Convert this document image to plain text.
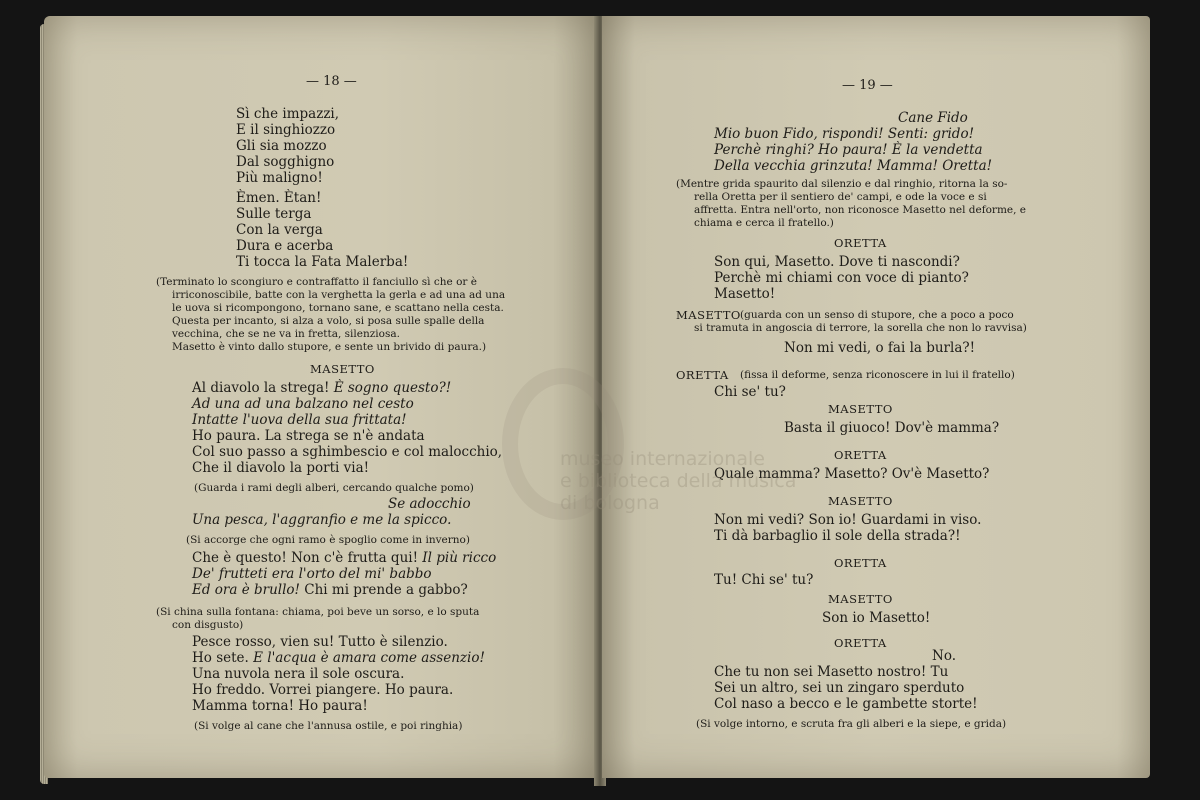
— 18 —
Sì che impazzi,
E il singhiozzo
Gli sia mozzo
Dal sogghigno
Più maligno!
Èmen. Ètan!
Sulle terga
Con la verga
Dura e acerba
Ti tocca la Fata Malerba!
(Terminato lo scongiuro e contraffatto il fanciullo sì che or è
irriconoscibile, batte con la verghetta la gerla e ad una ad una
le uova si ricompongono, tornano sane, e scattano nella cesta.
Questa per incanto, si alza a volo, si posa sulle spalle della
vecchina, che se ne va in fretta, silenziosa.
Masetto è vinto dallo stupore, e sente un brivido di paura.)
MASETTO
Al diavolo la strega! È sogno questo?!
Ad una ad una balzano nel cesto
Intatte l'uova della sua frittata!
Ho paura. La strega se n'è andata
Col suo passo a sghimbescio e col malocchio,
Che il diavolo la porti via!
(Guarda i rami degli alberi, cercando qualche pomo)
Se adocchio
Una pesca, l'aggranfio e me la spicco.
(Si accorge che ogni ramo è spoglio come in inverno)
Che è questo! Non c'è frutta qui! Il più ricco
De' frutteti era l'orto del mi' babbo
Ed ora è brullo! Chi mi prende a gabbo?
(Si china sulla fontana: chiama, poi beve un sorso, e lo sputa
con disgusto)
Pesce rosso, vien su! Tutto è silenzio.
Ho sete. E l'acqua è amara come assenzio!
Una nuvola nera il sole oscura.
Ho freddo. Vorrei piangere. Ho paura.
Mamma torna! Ho paura!
(Si volge al cane che l'annusa ostile, e poi ringhia)
— 19 —
Cane Fido
Mio buon Fido, rispondi! Senti: grido!
Perchè ringhi? Ho paura! È la vendetta
Della vecchia grinzuta! Mamma! Oretta!
(Mentre grida spaurito dal silenzio e dal ringhio, ritorna la so-
rella Oretta per il sentiero de' campi, e ode la voce e si
affretta. Entra nell'orto, non riconosce Masetto nel deforme, e
chiama e cerca il fratello.)
ORETTA
Son qui, Masetto. Dove ti nascondi?
Perchè mi chiami con voce di pianto?
Masetto!
MASETTO (guarda con un senso di stupore, che a poco a poco
si tramuta in angoscia di terrore, la sorella che non lo ravvisa)
Non mi vedi, o fai la burla?!
ORETTA (fissa il deforme, senza riconoscere in lui il fratello)
Chi se' tu?
MASETTO
Basta il giuoco! Dov'è mamma?
ORETTA
Quale mamma? Masetto? Ov'è Masetto?
MASETTO
Non mi vedi? Son io! Guardami in viso.
Ti dà barbaglio il sole della strada?!
ORETTA
Tu! Chi se' tu?
MASETTO
Son io Masetto!
ORETTA
No.
Che tu non sei Masetto nostro! Tu
Sei un altro, sei un zingaro sperduto
Col naso a becco e le gambette storte!
(Si volge intorno, e scruta fra gli alberi e la siepe, e grida)
museo internazionale
e biblioteca della musica
di bologna
